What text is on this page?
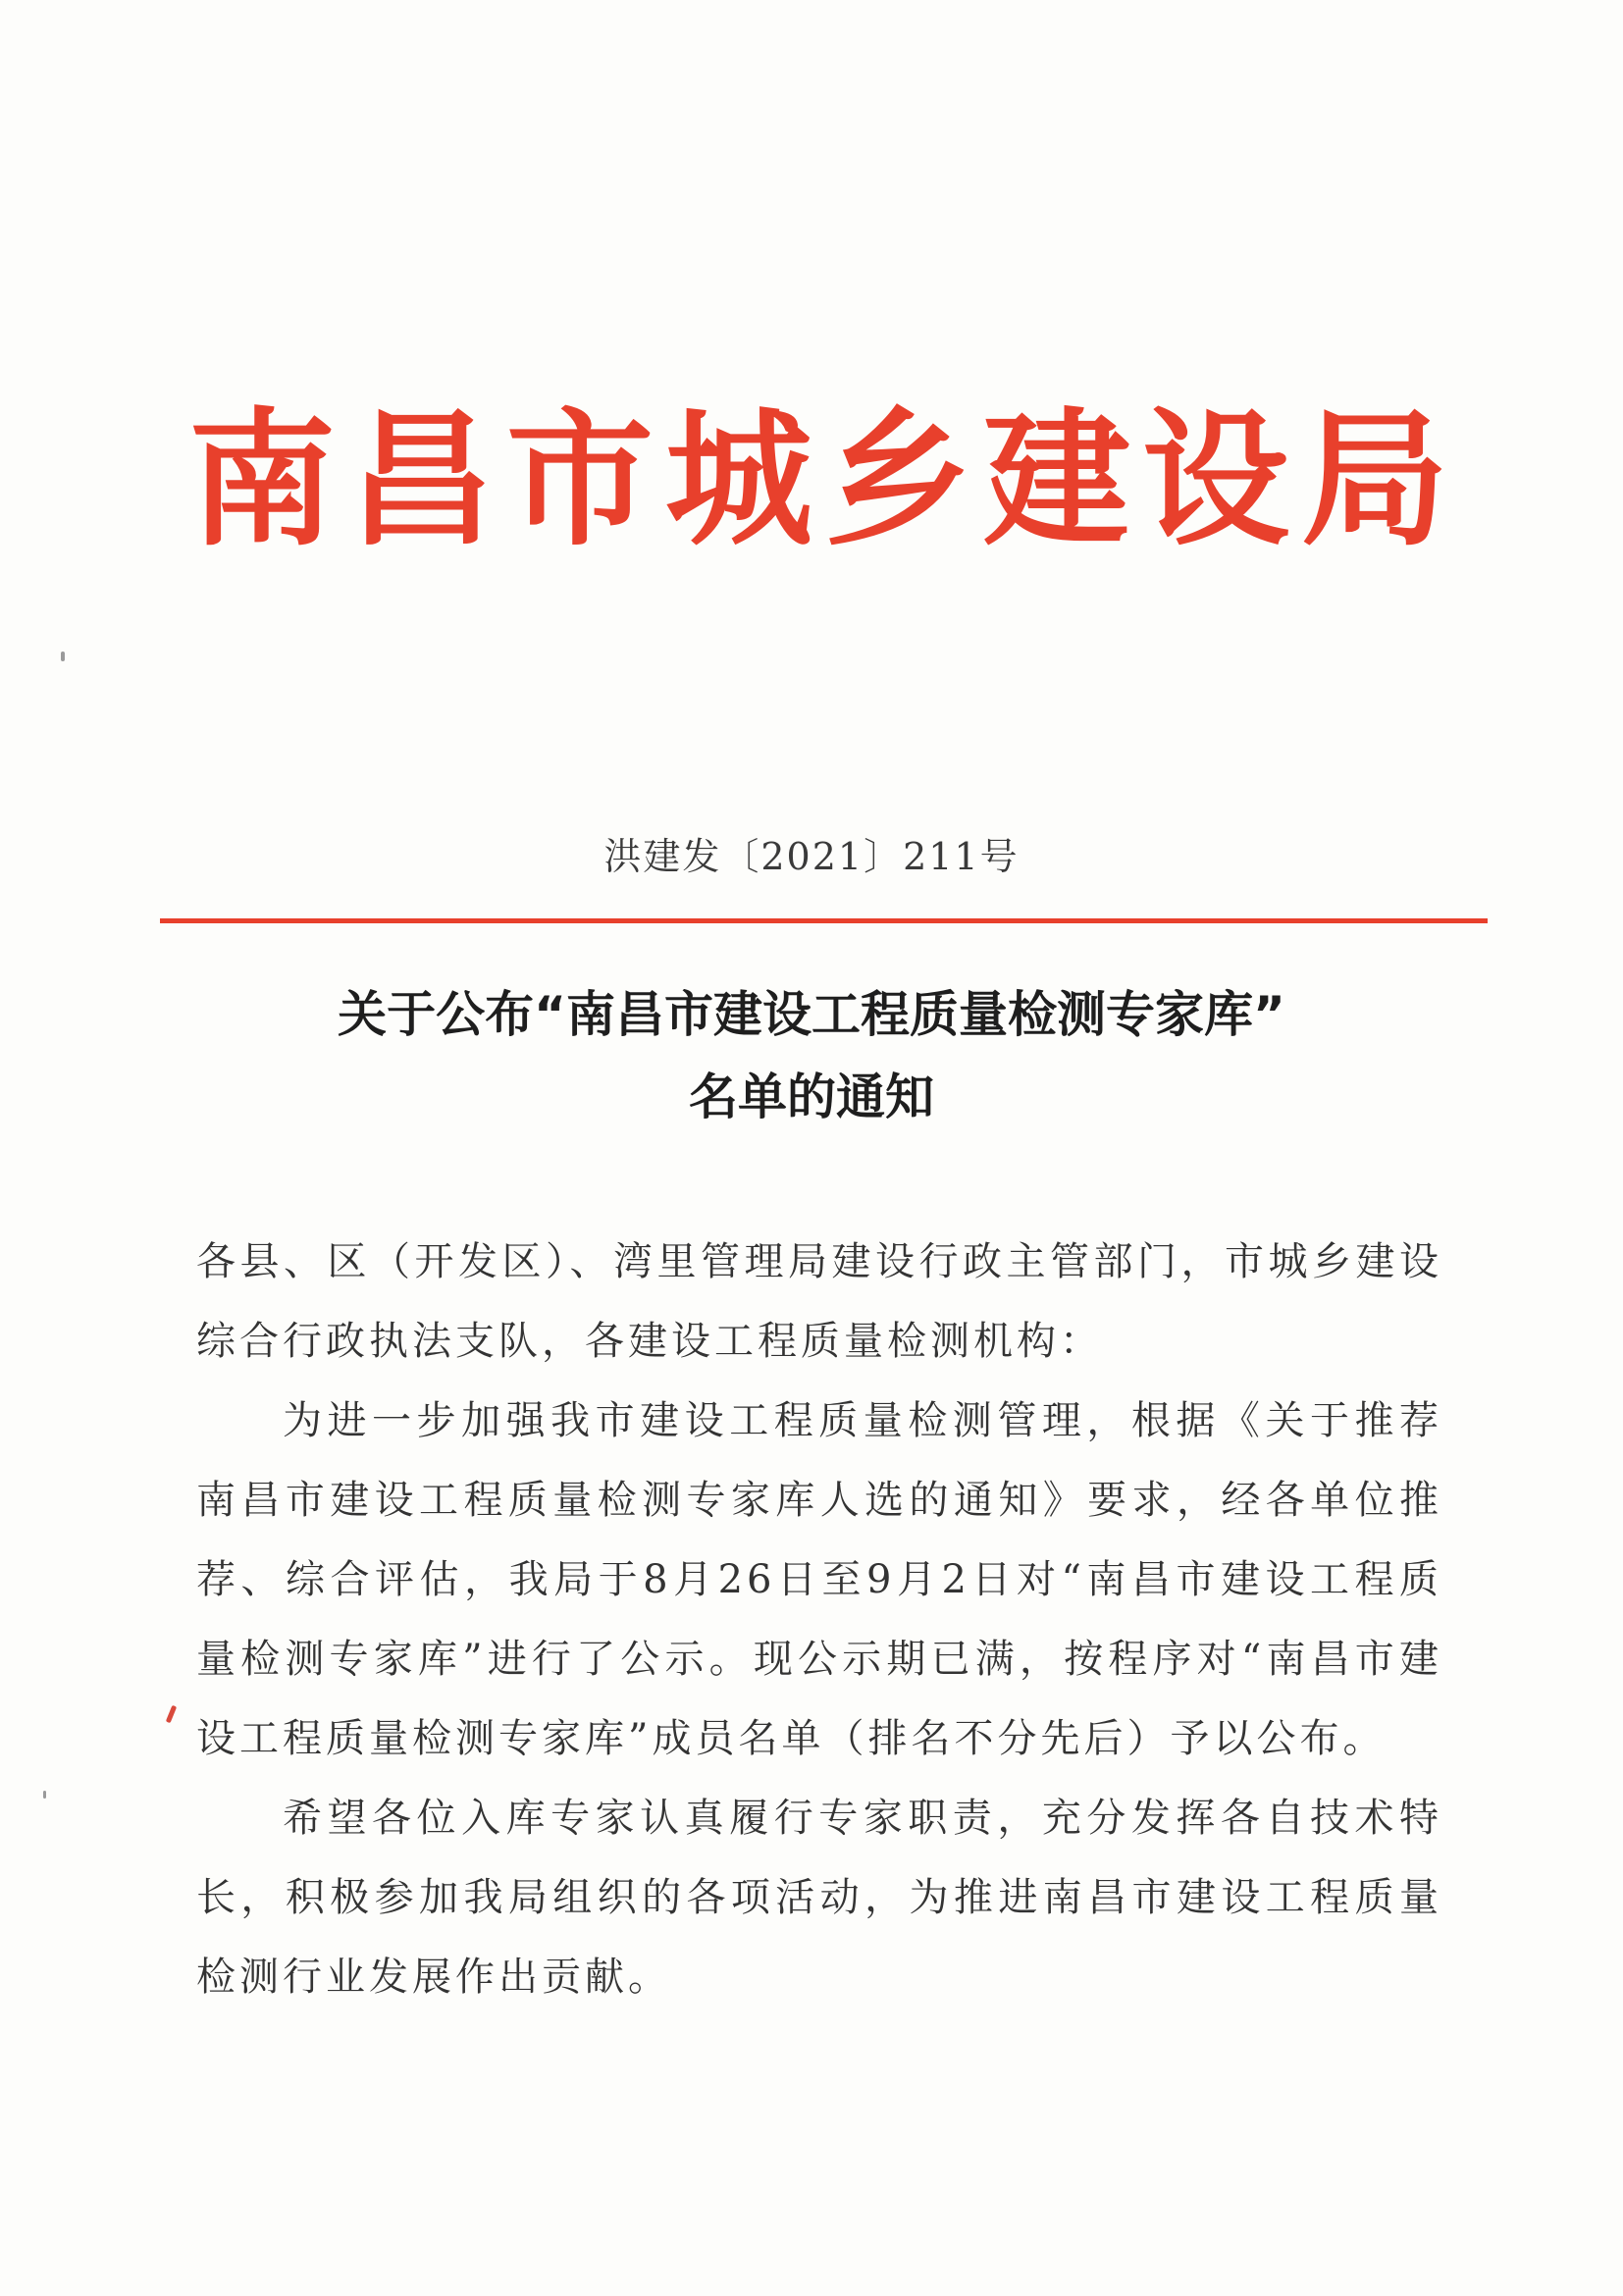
南昌市城乡建设局
洪建发〔2021〕211号
关于公布“南昌市建设工程质量检测专家库”
名单的通知

各县、区（开发区）、湾里管理局建设行政主管部门，市城乡建设综合行政执法支队，各建设工程质量检测机构：

为进一步加强我市建设工程质量检测管理，根据《关于推荐南昌市建设工程质量检测专家库人选的通知》要求，经各单位推荐、综合评估，我局于8月26日至9月2日对“南昌市建设工程质量检测专家库”进行了公示。现公示期已满，按程序对“南昌市建设工程质量检测专家库”成员名单（排名不分先后）予以公布。

希望各位入库专家认真履行专家职责，充分发挥各自技术特长，积极参加我局组织的各项活动，为推进南昌市建设工程质量检测行业发展作出贡献。
